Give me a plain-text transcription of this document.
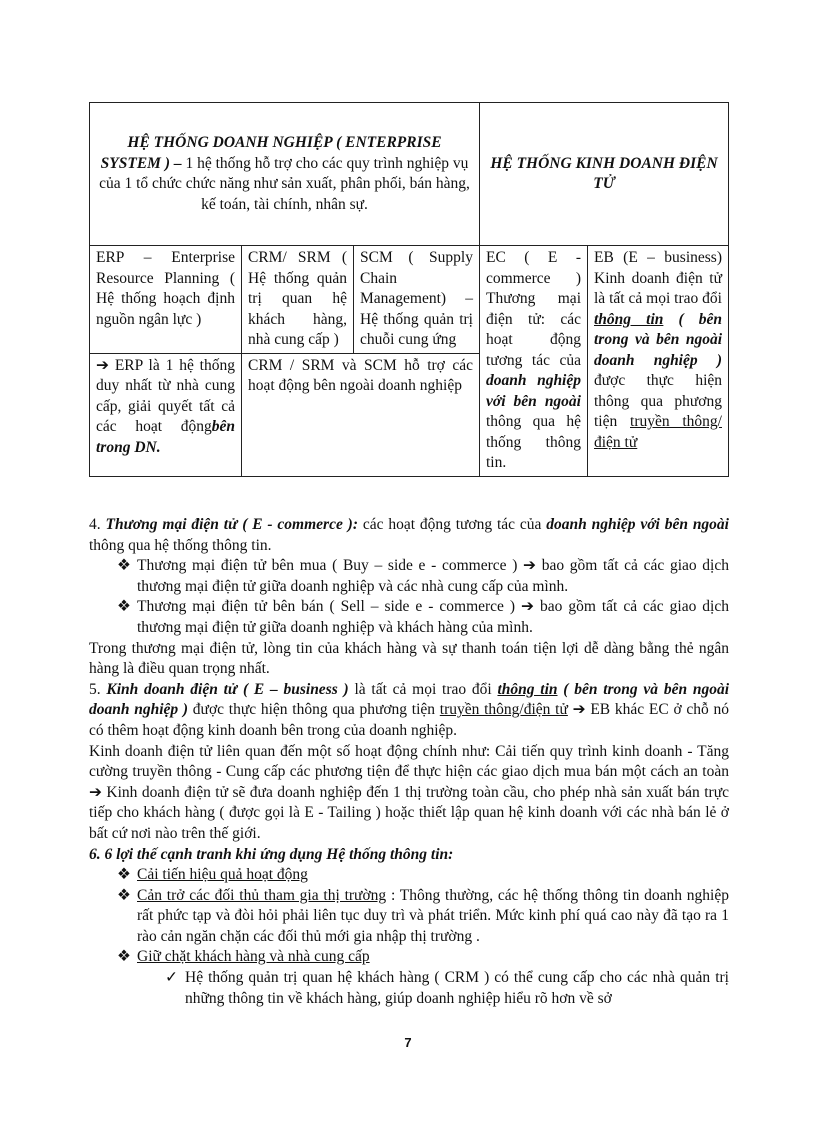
HỆ THỐNG DOANH NGHIỆP ( ENTERPRISE SYSTEM ) – 1 hệ thống hỗ trợ cho các quy trình nghiệp vụ của 1 tổ chức chức năng như sản xuất, phân phối, bán hàng, kế toán, tài chính, nhân sự.			HỆ THỐNG KINH DOANH ĐIỆN TỬ	
ERP – Enterprise Resource Planning ( Hệ thống hoạch định nguồn ngân lực )	CRM/ SRM ( Hệ thống quản trị quan hệ khách hàng, nhà cung cấp )	SCM ( Supply Chain Management) – Hệ thống quản trị chuỗi cung ứng	EC ( E - commerce ) Thương mại điện tử: các hoạt động tương tác của doanh nghiệp với bên ngoài thông qua hệ thống thông tin.	EB (E – business) Kinh doanh điện tử là tất cả mọi trao đổi thông tin ( bên trong và bên ngoài doanh nghiệp ) được thực hiện thông qua phương tiện truyền thông/điện tử
➔ ERP là 1 hệ thống duy nhất từ nhà cung cấp, giải quyết tất cả các hoạt độngbên trong DN.	CRM / SRM và SCM hỗ trợ các hoạt động bên ngoài doanh nghiệp			

4. Thương mại điện tử ( E - commerce ): các hoạt động tương tác của doanh nghiệp với bên ngoài thông qua hệ thống thông tin.

❖ Thương mại điện tử bên mua ( Buy – side e - commerce ) ➔ bao gồm tất cả các giao dịch thương mại điện tử giữa doanh nghiệp và các nhà cung cấp của mình.

❖ Thương mại điện tử bên bán ( Sell – side e - commerce ) ➔ bao gồm tất cả các giao dịch thương mại điện tử giữa doanh nghiệp và khách hàng của mình.

Trong thương mại điện tử, lòng tin của khách hàng và sự thanh toán tiện lợi dễ dàng bằng thẻ ngân hàng là điều quan trọng nhất.

5. Kinh doanh điện tử ( E – business ) là tất cả mọi trao đổi thông tin ( bên trong và bên ngoài doanh nghiệp ) được thực hiện thông qua phương tiện truyền thông/điện tử ➔ EB khác EC ở chỗ nó có thêm hoạt động kinh doanh bên trong của doanh nghiệp.

Kinh doanh điện tử liên quan đến một số hoạt động chính như: Cải tiến quy trình kinh doanh - Tăng cường truyền thông - Cung cấp các phương tiện để thực hiện các giao dịch mua bán một cách an toàn ➔ Kinh doanh điện tử sẽ đưa doanh nghiệp đến 1 thị trường toàn cầu, cho phép nhà sản xuất bán trực tiếp cho khách hàng ( được gọi là E - Tailing ) hoặc thiết lập quan hệ kinh doanh với các nhà bán lẻ ở bất cứ nơi nào trên thế giới.

6. 6 lợi thế cạnh tranh khi ứng dụng Hệ thống thông tin:

❖ Cải tiến hiệu quả hoạt động

❖ Cản trở các đối thủ tham gia thị trường : Thông thường, các hệ thống thông tin doanh nghiệp rất phức tạp và đòi hỏi phải liên tục duy trì và phát triển. Mức kinh phí quá cao này đã tạo ra 1 rào cản ngăn chặn các đối thủ mới gia nhập thị trường .

❖ Giữ chặt khách hàng và nhà cung cấp

✓ Hệ thống quản trị quan hệ khách hàng ( CRM ) có thể cung cấp cho các nhà quản trị những thông tin về khách hàng, giúp doanh nghiệp hiểu rõ hơn về sở

7
